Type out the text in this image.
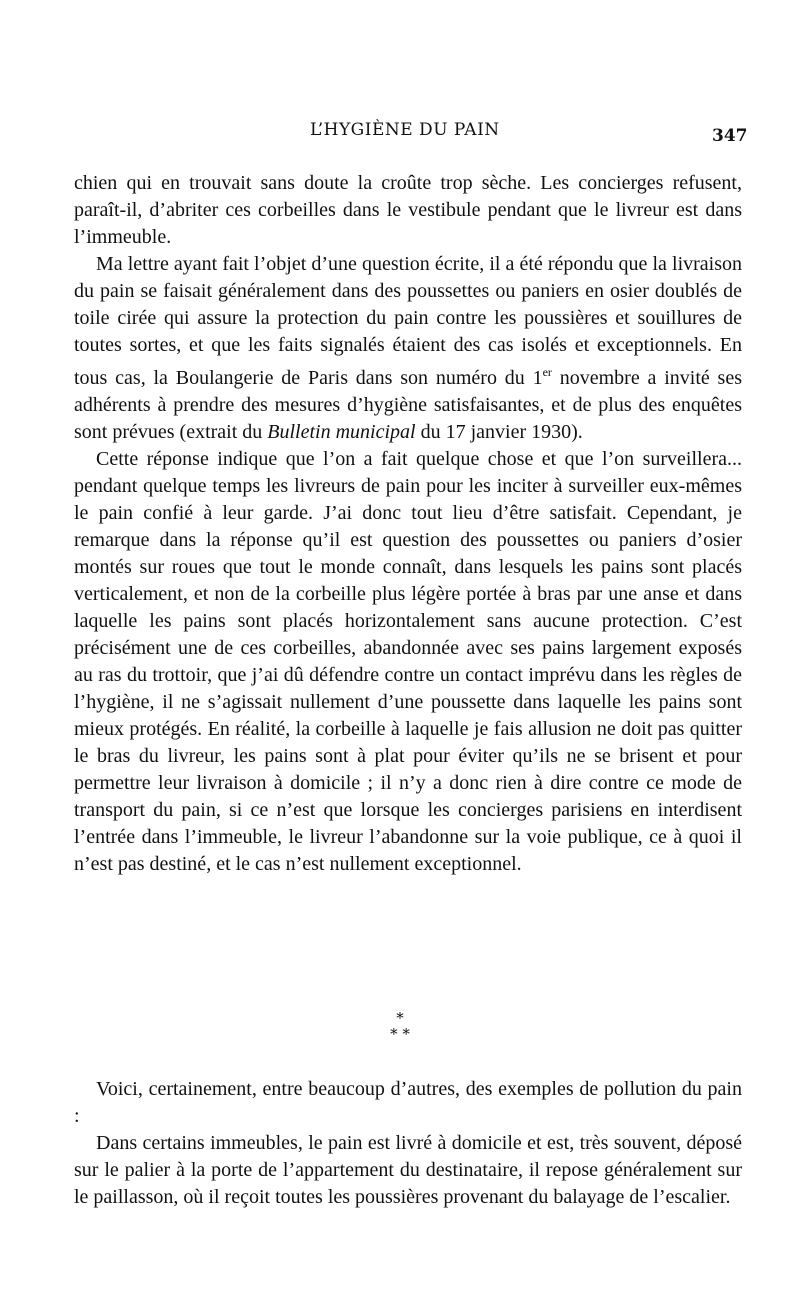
L’HYGIÈNE DU PAIN	347

chien qui en trouvait sans doute la croûte trop sèche. Les concierges refusent, paraît-il, d’abriter ces corbeilles dans le vestibule pendant que le livreur est dans l’immeuble.

Ma lettre ayant fait l’objet d’une question écrite, il a été répondu que la livraison du pain se faisait généralement dans des poussettes ou paniers en osier doublés de toile cirée qui assure la protection du pain contre les poussières et souillures de toutes sortes, et que les faits signalés étaient des cas isolés et exceptionnels. En tous cas, la Boulangerie de Paris dans son numéro du 1er novembre a invité ses adhérents à prendre des mesures d’hygiène satisfaisantes, et de plus des enquêtes sont prévues (extrait du Bulletin municipal du 17 janvier 1930).

Cette réponse indique que l’on a fait quelque chose et que l’on surveillera... pendant quelque temps les livreurs de pain pour les inciter à surveiller eux-mêmes le pain confié à leur garde. J’ai donc tout lieu d’être satisfait. Cependant, je remarque dans la réponse qu’il est question des poussettes ou paniers d’osier montés sur roues que tout le monde connaît, dans lesquels les pains sont placés verticalement, et non de la corbeille plus légère portée à bras par une anse et dans laquelle les pains sont placés horizontalement sans aucune protection. C’est précisément une de ces corbeilles, abandonnée avec ses pains largement exposés au ras du trottoir, que j’ai dû défendre contre un contact imprévu dans les règles de l’hygiène, il ne s’agissait nullement d’une poussette dans laquelle les pains sont mieux protégés. En réalité, la corbeille à laquelle je fais allusion ne doit pas quitter le bras du livreur, les pains sont à plat pour éviter qu’ils ne se brisent et pour permettre leur livraison à domicile ; il n’y a donc rien à dire contre ce mode de transport du pain, si ce n’est que lorsque les concierges parisiens en interdisent l’entrée dans l’immeuble, le livreur l’abandonne sur la voie publique, ce à quoi il n’est pas destiné, et le cas n’est nullement exceptionnel.

*
* *

Voici, certainement, entre beaucoup d’autres, des exemples de pollution du pain :

Dans certains immeubles, le pain est livré à domicile et est, très souvent, déposé sur le palier à la porte de l’appartement du destinataire, il repose généralement sur le paillasson, où il reçoit toutes les poussières provenant du balayage de l’escalier.
